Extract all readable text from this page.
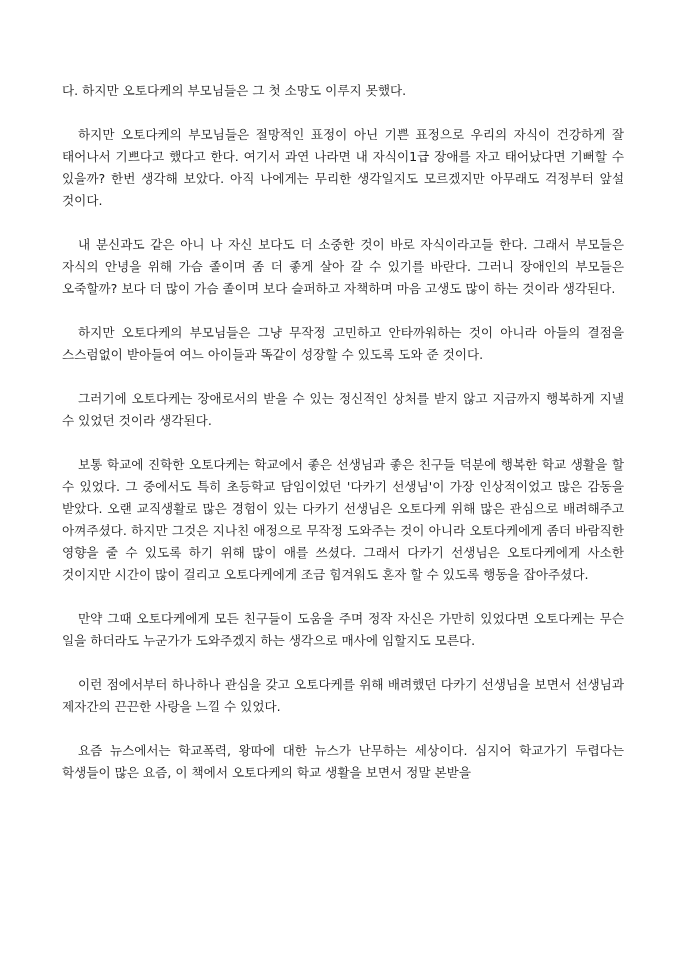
다. 하지만 오토다케의 부모님들은 그 첫 소망도 이루지 못했다.

하지만 오토다케의 부모님들은 절망적인 표정이 아닌 기쁜 표정으로 우리의 자식이 건강하게 잘 태어나서 기쁘다고 했다고 한다. 여기서 과연 나라면 내 자식이1급 장애를 자고 태어났다면 기뻐할 수 있을까? 한번 생각해 보았다. 아직 나에게는 무리한 생각일지도 모르겠지만 아무래도 걱정부터 앞설 것이다.

내 분신과도 같은 아니 나 자신 보다도 더 소중한 것이 바로 자식이라고들 한다. 그래서 부모들은 자식의 안녕을 위해 가슴 졸이며 좀 더 좋게 살아 갈 수 있기를 바란다. 그러니 장애인의 부모들은 오죽할까? 보다 더 많이 가슴 졸이며 보다 슬퍼하고 자책하며 마음 고생도 많이 하는 것이라 생각된다.

하지만 오토다케의 부모님들은 그냥 무작정 고민하고 안타까워하는 것이 아니라 아들의 결점을 스스럼없이 받아들여 여느 아이들과 똑같이 성장할 수 있도록 도와 준 것이다.

그러기에 오토다케는 장애로서의 받을 수 있는 정신적인 상처를 받지 않고 지금까지 행복하게 지낼 수 있었던 것이라 생각된다.

보통 학교에 진학한 오토다케는 학교에서 좋은 선생님과 좋은 친구들 덕분에 행복한 학교 생활을 할 수 있었다. 그 중에서도 특히 초등학교 담임이었던 '다카기 선생님'이 가장 인상적이었고 많은 감동을 받았다. 오랜 교직생활로 많은 경험이 있는 다카기 선생님은 오토다케 위해 많은 관심으로 배려해주고 아껴주셨다. 하지만 그것은 지나친 애정으로 무작정 도와주는 것이 아니라 오토다케에게 좀더 바람직한 영향을 줄 수 있도록 하기 위해 많이 애를 쓰셨다. 그래서 다카기 선생님은 오토다케에게 사소한 것이지만 시간이 많이 걸리고 오토다케에게 조금 힘겨워도 혼자 할 수 있도록 행동을 잡아주셨다.

만약 그때 오토다케에게 모든 친구들이 도움을 주며 정작 자신은 가만히 있었다면 오토다케는 무슨 일을 하더라도 누군가가 도와주겠지 하는 생각으로 매사에 임할지도 모른다.

이런 점에서부터 하나하나 관심을 갖고 오토다케를 위해 배려했던 다카기 선생님을 보면서 선생님과 제자간의 끈끈한 사랑을 느낄 수 있었다.

요즘 뉴스에서는 학교폭력, 왕따에 대한 뉴스가 난무하는 세상이다. 심지어 학교가기 두렵다는 학생들이 많은 요즘, 이 책에서 오토다케의 학교 생활을 보면서 정말 본받을
